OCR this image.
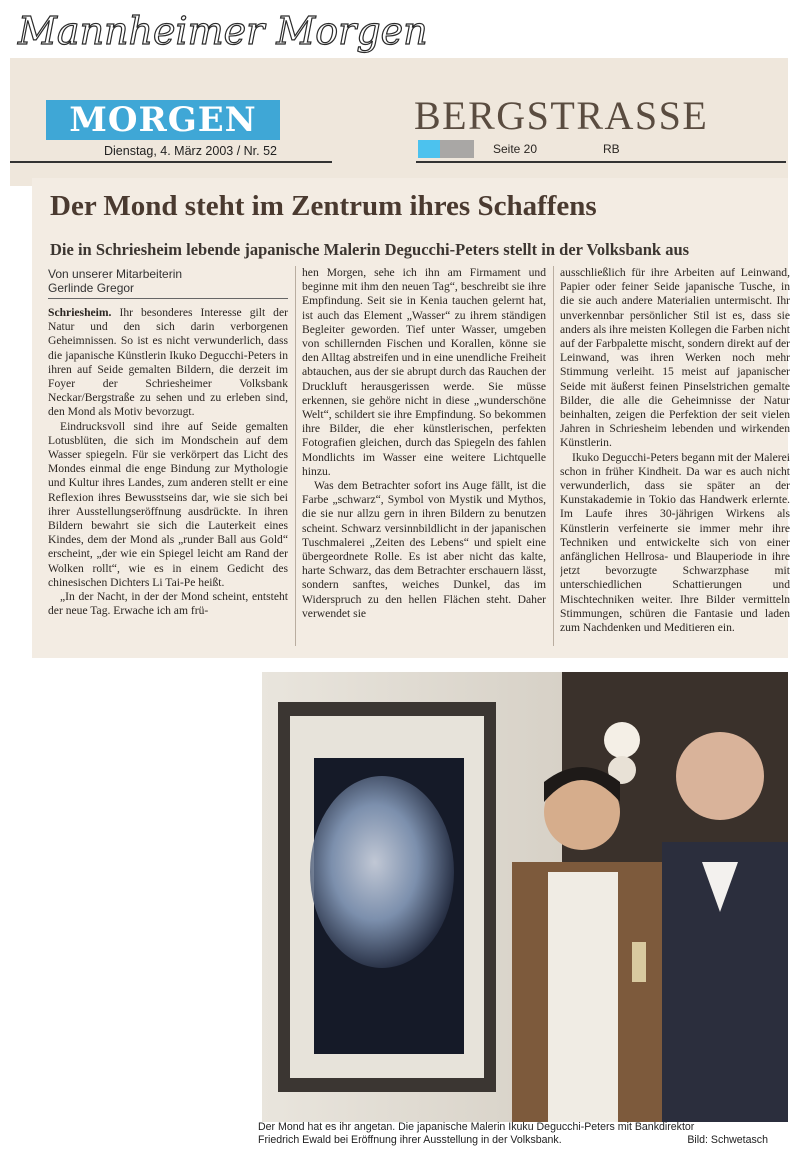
Mannheimer Morgen
MORGEN
Dienstag, 4. März 2003 / Nr. 52
BERGSTRASSE
Seite 20	RB
Der Mond steht im Zentrum ihres Schaffens
Die in Schriesheim lebende japanische Malerin Degucchi-Peters stellt in der Volksbank aus
Von unserer Mitarbeiterin
Gerlinde Gregor

Schriesheim. Ihr besonderes Interesse gilt der Natur und den sich darin verborgenen Geheimnissen. So ist es nicht verwunderlich, dass die japanische Künstlerin Ikuko Degucchi-Peters in ihren auf Seide gemalten Bildern, die derzeit im Foyer der Schriesheimer Volksbank Neckar/Bergstraße zu sehen und zu erleben sind, den Mond als Motiv bevorzugt.

Eindrucksvoll sind ihre auf Seide gemalten Lotusblüten, die sich im Mondschein auf dem Wasser spiegeln. Für sie verkörpert das Licht des Mondes einmal die enge Bindung zur Mythologie und Kultur ihres Landes, zum anderen stellt er eine Reflexion ihres Bewusstseins dar, wie sie sich bei ihrer Ausstellungseröffnung ausdrückte. In ihren Bildern bewahrt sie sich die Lauterkeit eines Kindes, dem der Mond als „runder Ball aus Gold“ erscheint, „der wie ein Spiegel leicht am Rand der Wolken rollt“, wie es in einem Gedicht des chinesischen Dichters Li Tai-Pe heißt.

„In der Nacht, in der der Mond scheint, entsteht der neue Tag. Erwache ich am frü-

hen Morgen, sehe ich ihn am Firmament und beginne mit ihm den neuen Tag“, beschreibt sie ihre Empfindung. Seit sie in Kenia tauchen gelernt hat, ist auch das Element „Wasser“ zu ihrem ständigen Begleiter geworden. Tief unter Wasser, umgeben von schillernden Fischen und Korallen, könne sie den Alltag abstreifen und in eine unendliche Freiheit abtauchen, aus der sie abrupt durch das Rauchen der Druckluft herausgerissen werde. Sie müsse erkennen, sie gehöre nicht in diese „wunderschöne Welt“, schildert sie ihre Empfindung. So bekommen ihre Bilder, die eher künstlerischen, perfekten Fotografien gleichen, durch das Spiegeln des fahlen Mondlichts im Wasser eine weitere Lichtquelle hinzu.

Was dem Betrachter sofort ins Auge fällt, ist die Farbe „schwarz“, Symbol von Mystik und Mythos, die sie nur allzu gern in ihren Bildern zu benutzen scheint. Schwarz versinnbildlicht in der japanischen Tuschmalerei „Zeiten des Lebens“ und spielt eine übergeordnete Rolle. Es ist aber nicht das kalte, harte Schwarz, das dem Betrachter erschauern lässt, sondern sanftes, weiches Dunkel, das im Widerspruch zu den hellen Flächen steht. Daher verwendet sie

ausschließlich für ihre Arbeiten auf Leinwand, Papier oder feiner Seide japanische Tusche, in die sie auch andere Materialien untermischt. Ihr unverkennbar persönlicher Stil ist es, dass sie anders als ihre meisten Kollegen die Farben nicht auf der Farbpalette mischt, sondern direkt auf der Leinwand, was ihren Werken noch mehr Stimmung verleiht. 15 meist auf japanischer Seide mit äußerst feinen Pinselstrichen gemalte Bilder, die alle die Geheimnisse der Natur beinhalten, zeigen die Perfektion der seit vielen Jahren in Schriesheim lebenden und wirkenden Künstlerin.

Ikuko Degucchi-Peters begann mit der Malerei schon in früher Kindheit. Da war es auch nicht verwunderlich, dass sie später an der Kunstakademie in Tokio das Handwerk erlernte. Im Laufe ihres 30-jährigen Wirkens als Künstlerin verfeinerte sie immer mehr ihre Techniken und entwickelte sich von einer anfänglichen Hellrosa- und Blauperiode in ihre jetzt bevorzugte Schwarzphase mit unterschiedlichen Schattierungen und Mischtechniken weiter. Ihre Bilder vermitteln Stimmungen, schüren die Fantasie und laden zum Nachdenken und Meditieren ein.

Der Mond hat es ihr angetan. Die japanische Malerin Ikuku Degucchi-Peters mit Bankdirektor
Friedrich Ewald bei Eröffnung ihrer Ausstellung in der Volksbank.	Bild: Schwetasch
